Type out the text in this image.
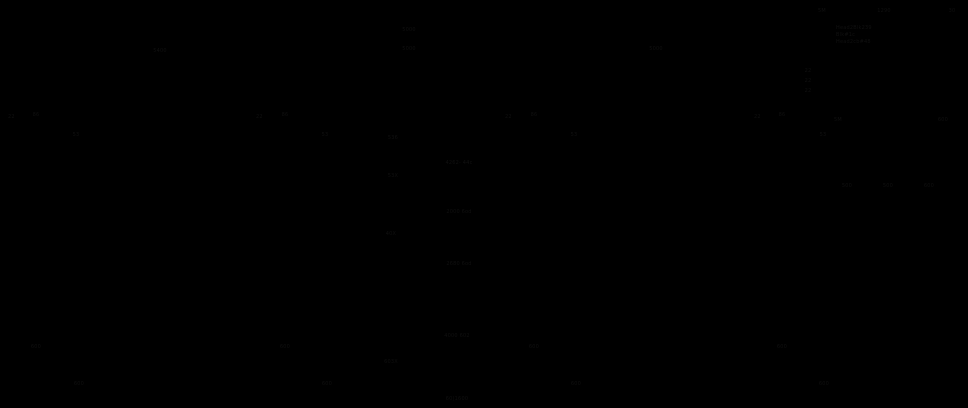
5M	1290	30
Head2Blk239
Blk#1c
Head2cb#48
5000
5400	5000	5000
22
22
22
22	86	22	86	22	86	22	86
5M	600
53	53	53	53
536
4262- 44c
53X
500	500	600
2000 6od
40X
2680 6od
600	600	600	600
4000 602
603X
600	600	600	600
60(1600
